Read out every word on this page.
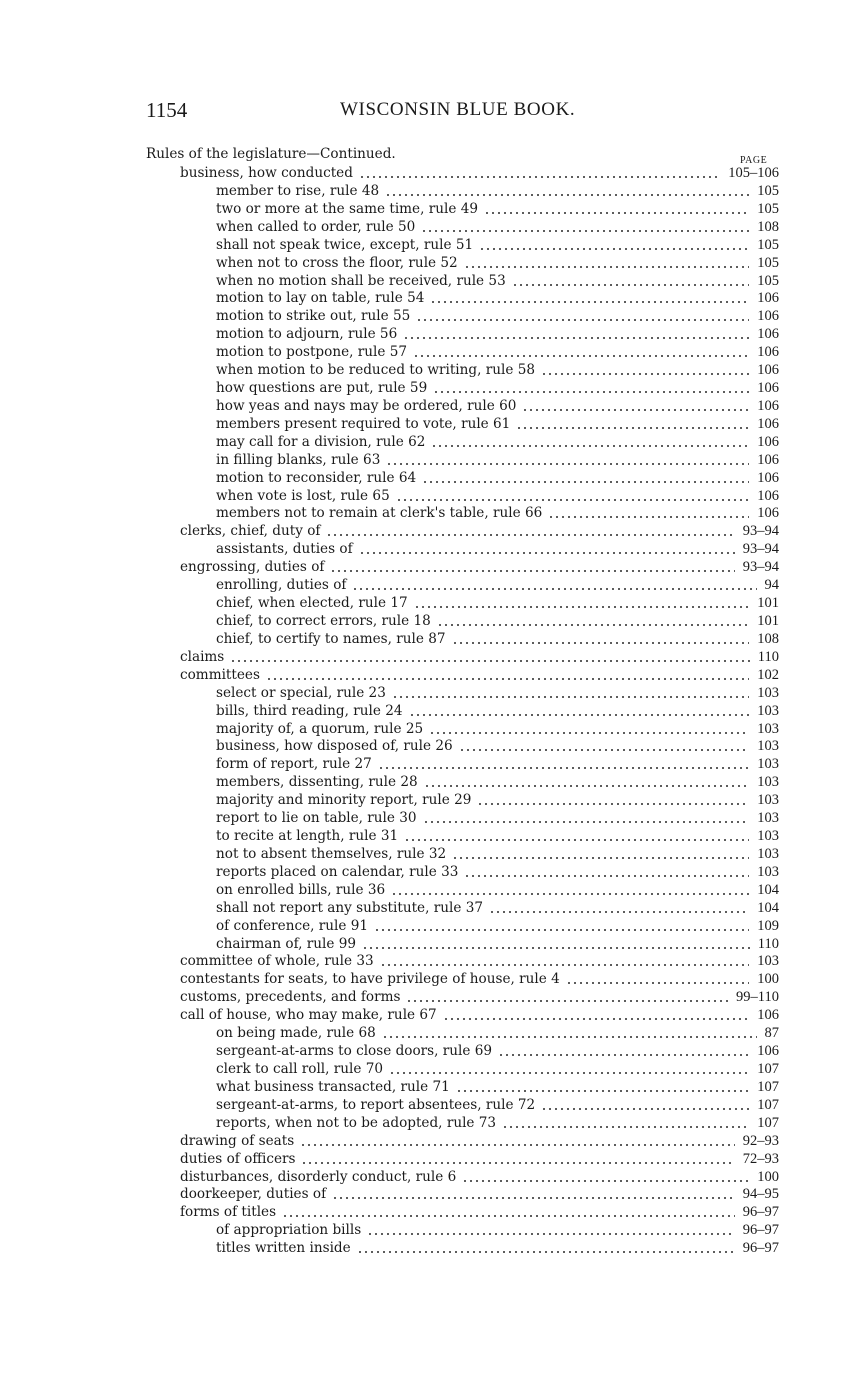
1154	WISCONSIN BLUE BOOK.
Rules of the legislature—Continued.	PAGE
business, how conducted	105–106
member to rise, rule 48	105
two or more at the same time, rule 49	105
when called to order, rule 50	108
shall not speak twice, except, rule 51	105
when not to cross the floor, rule 52	105
when no motion shall be received, rule 53	105
motion to lay on table, rule 54	106
motion to strike out, rule 55	106
motion to adjourn, rule 56	106
motion to postpone, rule 57	106
when motion to be reduced to writing, rule 58	106
how questions are put, rule 59	106
how yeas and nays may be ordered, rule 60	106
members present required to vote, rule 61	106
may call for a division, rule 62	106
in filling blanks, rule 63	106
motion to reconsider, rule 64	106
when vote is lost, rule 65	106
members not to remain at clerk's table, rule 66	106
clerks, chief, duty of	93–94
assistants, duties of	93–94
engrossing, duties of	93–94
enrolling, duties of	94
chief, when elected, rule 17	101
chief, to correct errors, rule 18	101
chief, to certify to names, rule 87	108
claims	110
committees	102
select or special, rule 23	103
bills, third reading, rule 24	103
majority of, a quorum, rule 25	103
business, how disposed of, rule 26	103
form of report, rule 27	103
members, dissenting, rule 28	103
majority and minority report, rule 29	103
report to lie on table, rule 30	103
to recite at length, rule 31	103
not to absent themselves, rule 32	103
reports placed on calendar, rule 33	103
on enrolled bills, rule 36	104
shall not report any substitute, rule 37	104
of conference, rule 91	109
chairman of, rule 99	110
committee of whole, rule 33	103
contestants for seats, to have privilege of house, rule 4	100
customs, precedents, and forms	99–110
call of house, who may make, rule 67	106
on being made, rule 68	87
sergeant-at-arms to close doors, rule 69	106
clerk to call roll, rule 70	107
what business transacted, rule 71	107
sergeant-at-arms, to report absentees, rule 72	107
reports, when not to be adopted, rule 73	107
drawing of seats	92–93
duties of officers	72–93
disturbances, disorderly conduct, rule 6	100
doorkeeper, duties of	94–95
forms of titles	96–97
of appropriation bills	96–97
titles written inside	96–97
